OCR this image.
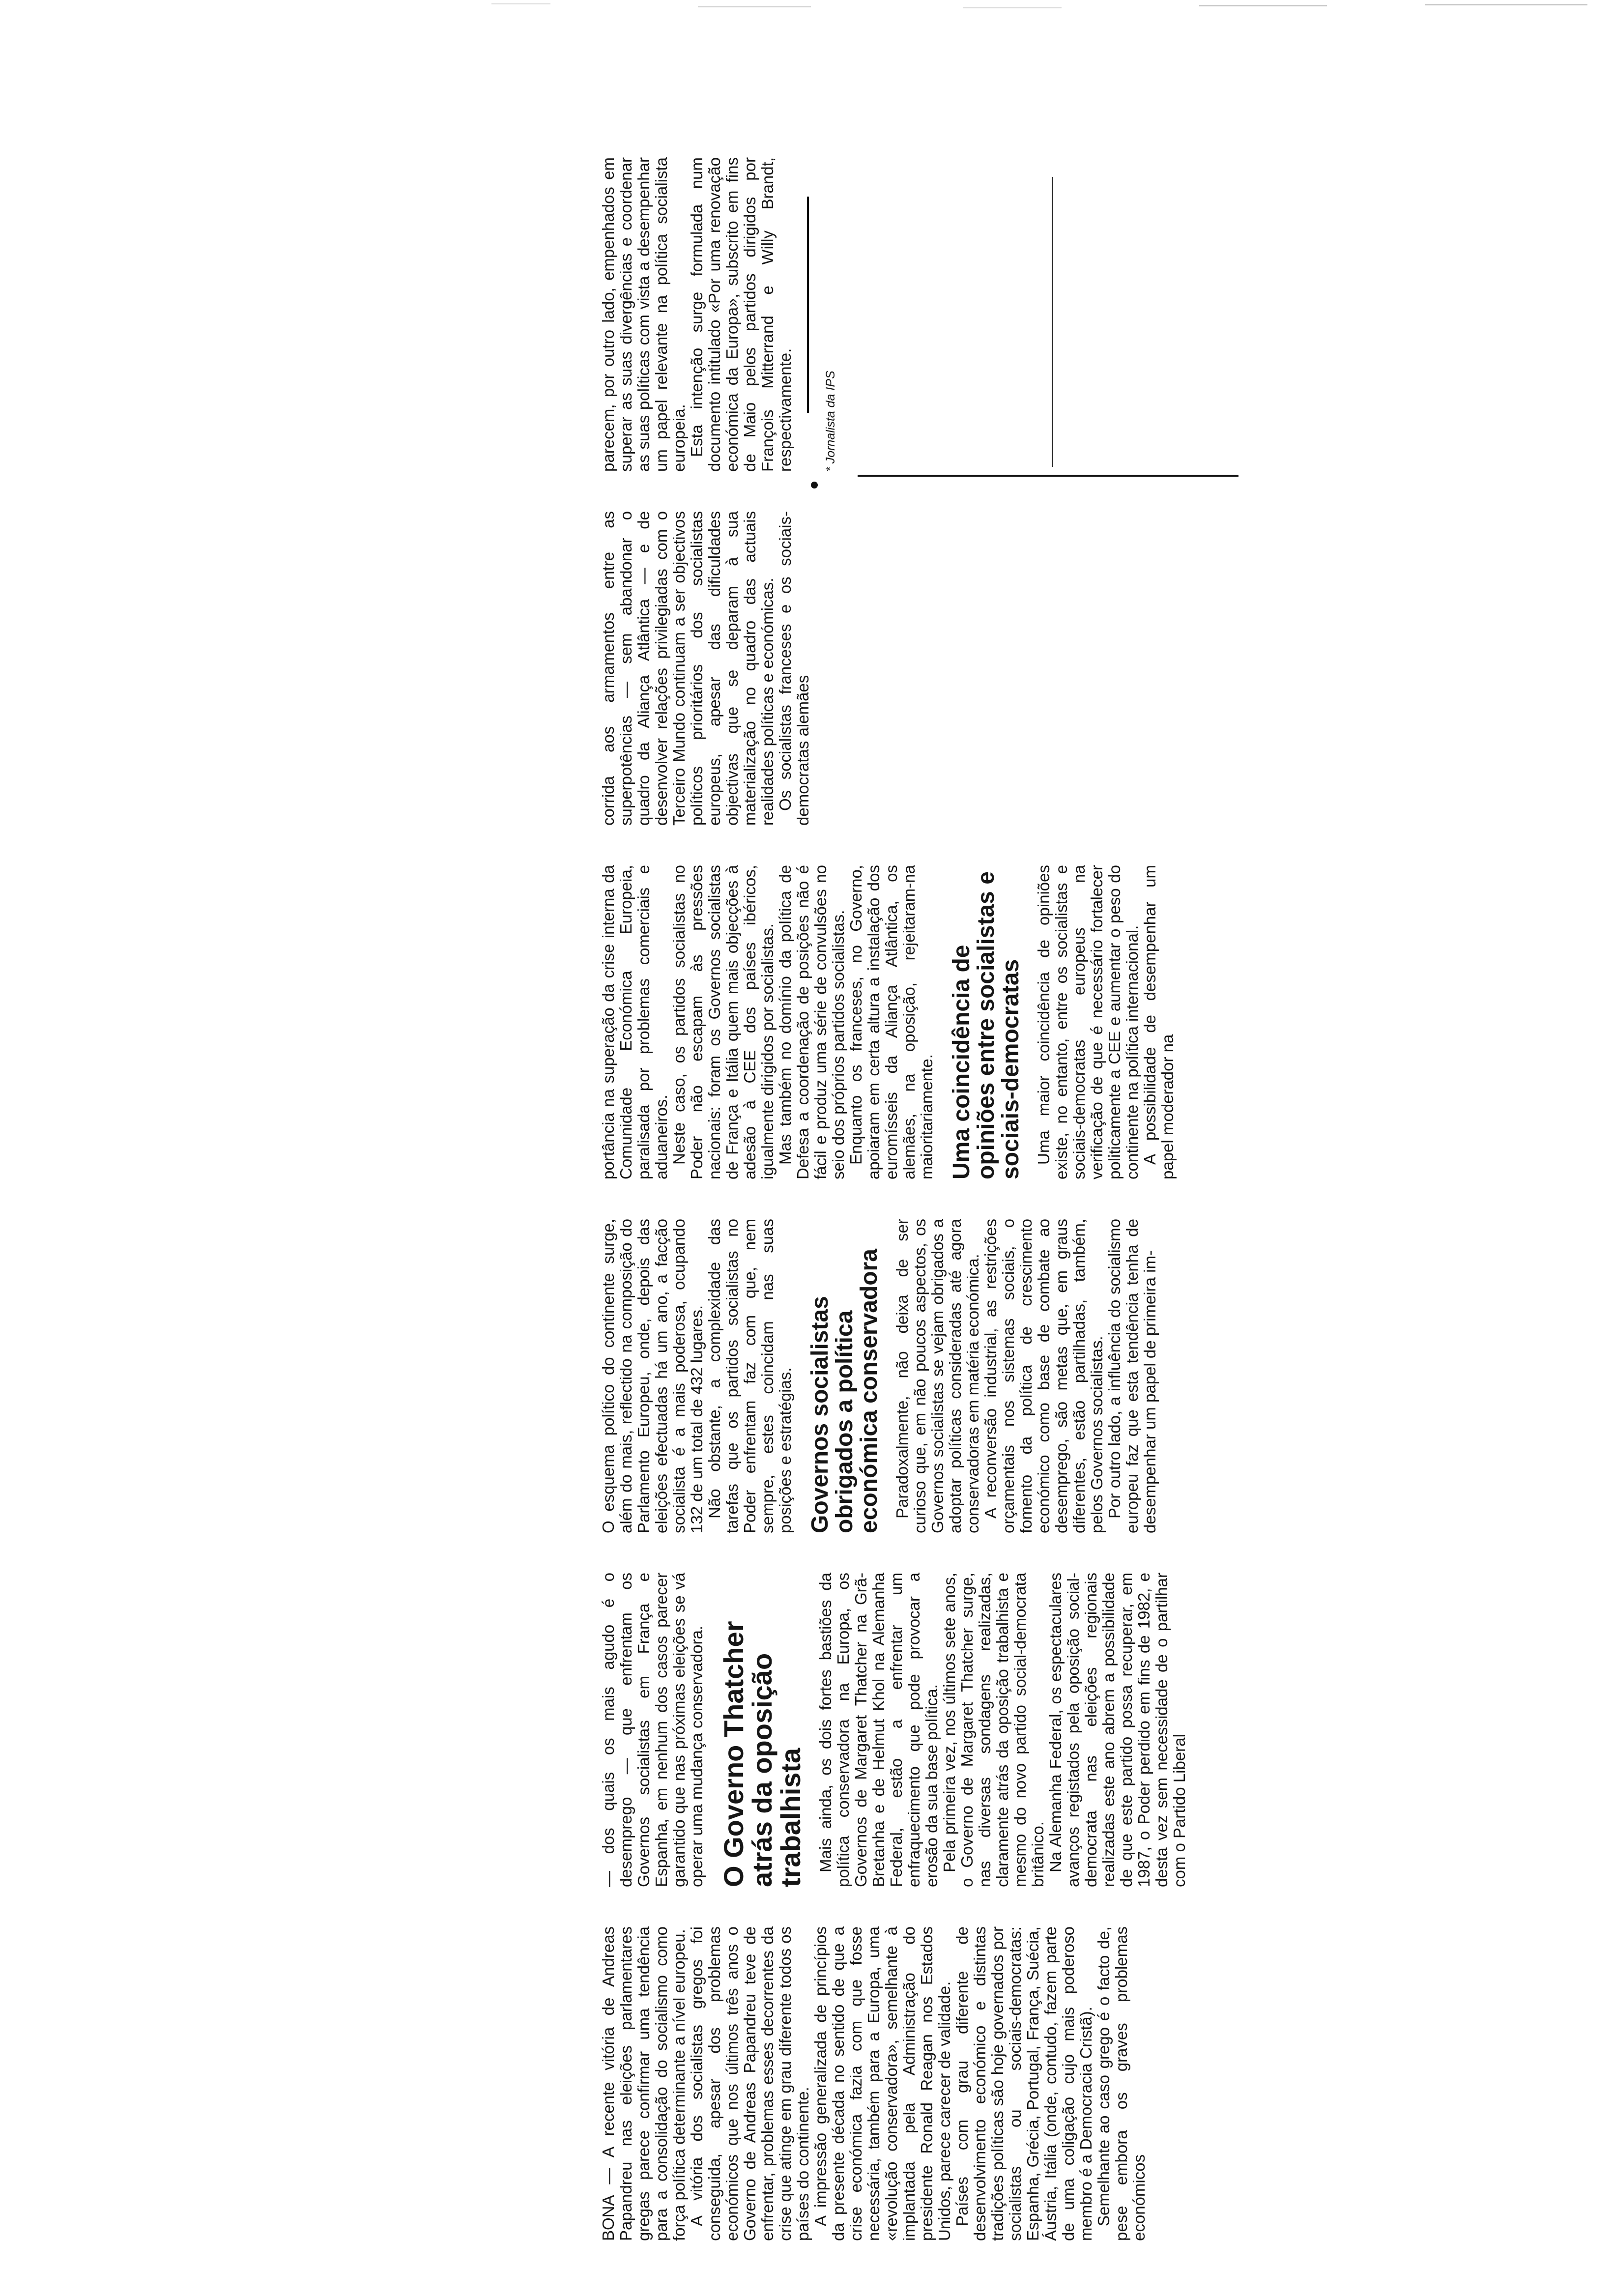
BONA — A recente vitória de Andreas Papandreu nas eleições parlamentares gregas parece confirmar uma tendência para a consolidação do socialismo como força política determinante a nível europeu. A vitória dos socialistas gregos foi conseguida, apesar dos problemas económicos que nos últimos três anos o Governo de Andreas Papandreu teve de enfrentar, problemas esses decorrentes da crise que atinge em grau diferente todos os países do continente. A impressão generalizada de princípios da presente década no sentido de que a crise económica fazia com que fosse necessária, também para a Europa, uma «revolução conservadora», semelhante à implantada pela Administração do presidente Ronald Reagan nos Estados Unidos, parece carecer de validade. Países com grau diferente de desenvolvimento económico e distintas tradições políticas são hoje governados por socialistas ou sociais-democratas: Espanha, Grécia, Portugal, França, Suécia, Áustria, Itália (onde, contudo, fazem parte de uma coligação cujo mais poderoso membro é a Democracia Cristã). Semelhante ao caso grego é o facto de, pese embora os graves problemas económicos

— dos quais os mais agudo é o desemprego — que enfrentam os Governos socialistas em França e Espanha, em nenhum dos casos parecer garantido que nas próximas eleições se vá operar uma mudança conservadora. O Governo Thatcher atrás da oposição trabalhista Mais ainda, os dois fortes bastiões da política conservadora na Europa, os Governos de Margaret Thatcher na Grã-Bretanha e de Helmut Khol na Alemanha Federal, estão a enfrentar um enfraquecimento que pode provocar a erosão da sua base política. Pela primeira vez, nos últimos sete anos, o Governo de Margaret Thatcher surge, nas diversas sondagens realizadas, claramente atrás da oposição trabalhista e mesmo do novo partido social-democrata britânico. Na Alemanha Federal, os espectaculares avanços registados pela oposição social-democrata nas eleições regionais realizadas este ano abrem a possibilidade de que este partido possa recuperar, em 1987, o Poder perdido em fins de 1982, e desta vez sem necessidade de o partilhar com o Partido Liberal

O esquema político do continente surge, além do mais, reflectido na composição do Parlamento Europeu, onde, depois das eleições efectuadas há um ano, a facção socialista é a mais poderosa, ocupando 132 de um total de 432 lugares. Não obstante, a complexidade das tarefas que os partidos socialistas no Poder enfrentam faz com que, nem sempre, estes coincidam nas suas posições e estratégias. Governos socialistas obrigados a política económica conservadora Paradoxalmente, não deixa de ser curioso que, em não poucos aspectos, os Governos socialistas se vejam obrigados a adoptar políticas consideradas até agora conservadoras em matéria económica. A reconversão industrial, as restrições orçamentais nos sistemas sociais, o fomento da política de crescimento económico como base de combate ao desemprego, são metas que, em graus diferentes, estão partilhadas, também, pelos Governos socialistas. Por outro lado, a influência do socialismo europeu faz que esta tendência tenha de desempenhar um papel de primeira im-

portância na superação da crise interna da Comunidade Económica Europeia, paralisada por problemas comerciais e aduaneiros. Neste caso, os partidos socialistas no Poder não escapam às pressões nacionais: foram os Governos socialistas de França e Itália quem mais objecções à adesão à CEE dos países ibéricos, igualmente dirigidos por socialistas. Mas também no domínio da política de Defesa a coordenação de posições não é fácil e produz uma série de convulsões no seio dos próprios partidos socialistas. Enquanto os franceses, no Governo, apoiaram em certa altura a instalação dos euromísseis da Aliança Atlântica, os alemães, na oposição, rejeitaram-na maioritariamente. Uma coincidência de opiniões entre socialistas e sociais-democratas Uma maior coincidência de opiniões existe, no entanto, entre os socialistas e sociais-democratas europeus na verificação de que é necessário fortalecer politicamente a CEE e aumentar o peso do continente na política internacional. A possibilidade de desempenhar um papel moderador na

corrida aos armamentos entre as superpotências — sem abandonar o quadro da Aliança Atlântica — e de desenvolver relações privilegiadas com o Terceiro Mundo continuam a ser objectivos políticos prioritários dos socialistas europeus, apesar das dificuldades objectivas que se deparam à sua materialização no quadro das actuais realidades políticas e económicas. Os socialistas franceses e os sociais-democratas alemães

parecem, por outro lado, empenhados em superar as suas divergências e coordenar as suas políticas com vista a desempenhar um papel relevante na política socialista europeia. Esta intenção surge formulada num documento intitulado «Por uma renovação económica da Europa», subscrito em fins de Maio pelos partidos dirigidos por François Mitterrand e Willy Brandt, respectivamente. * Jornalista da IPS
